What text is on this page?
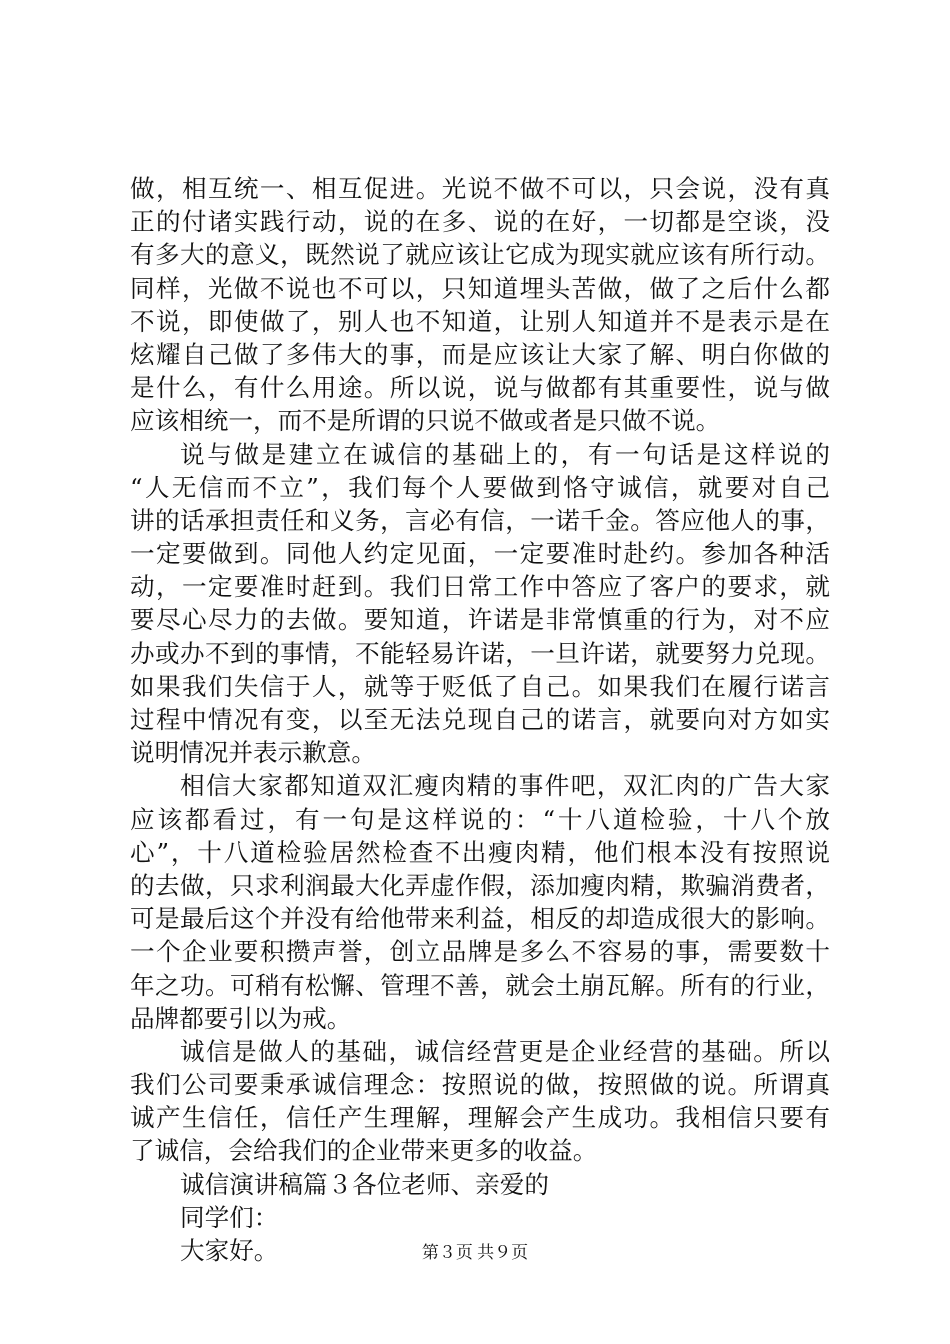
做，相互统一、相互促进。光说不做不可以，只会说，没有真
正的付诸实践行动，说的在多、说的在好，一切都是空谈，没
有多大的意义，既然说了就应该让它成为现实就应该有所行动。
同样，光做不说也不可以，只知道埋头苦做，做了之后什么都
不说，即使做了，别人也不知道，让别人知道并不是表示是在
炫耀自己做了多伟大的事，而是应该让大家了解、明白你做的
是什么，有什么用途。所以说，说与做都有其重要性，说与做
应该相统一，而不是所谓的只说不做或者是只做不说。
说与做是建立在诚信的基础上的，有一句话是这样说的
“人无信而不立”，我们每个人要做到恪守诚信，就要对自己
讲的话承担责任和义务，言必有信，一诺千金。答应他人的事，
一定要做到。同他人约定见面，一定要准时赴约。参加各种活
动，一定要准时赶到。我们日常工作中答应了客户的要求，就
要尽心尽力的去做。要知道，许诺是非常慎重的行为，对不应
办或办不到的事情，不能轻易许诺，一旦许诺，就要努力兑现。
如果我们失信于人，就等于贬低了自己。如果我们在履行诺言
过程中情况有变，以至无法兑现自己的诺言，就要向对方如实
说明情况并表示歉意。
相信大家都知道双汇瘦肉精的事件吧，双汇肉的广告大家
应该都看过，有一句是这样说的：“十八道检验，十八个放
心”，十八道检验居然检查不出瘦肉精，他们根本没有按照说
的去做，只求利润最大化弄虚作假，添加瘦肉精，欺骗消费者，
可是最后这个并没有给他带来利益，相反的却造成很大的影响。
一个企业要积攒声誉，创立品牌是多么不容易的事，需要数十
年之功。可稍有松懈、管理不善，就会土崩瓦解。所有的行业，
品牌都要引以为戒。
诚信是做人的基础，诚信经营更是企业经营的基础。所以
我们公司要秉承诚信理念：按照说的做，按照做的说。所谓真
诚产生信任，信任产生理解，理解会产生成功。我相信只要有
了诚信，会给我们的企业带来更多的收益。
诚信演讲稿篇３各位老师、亲爱的
同学们：
大家好。	第３页 共９页
